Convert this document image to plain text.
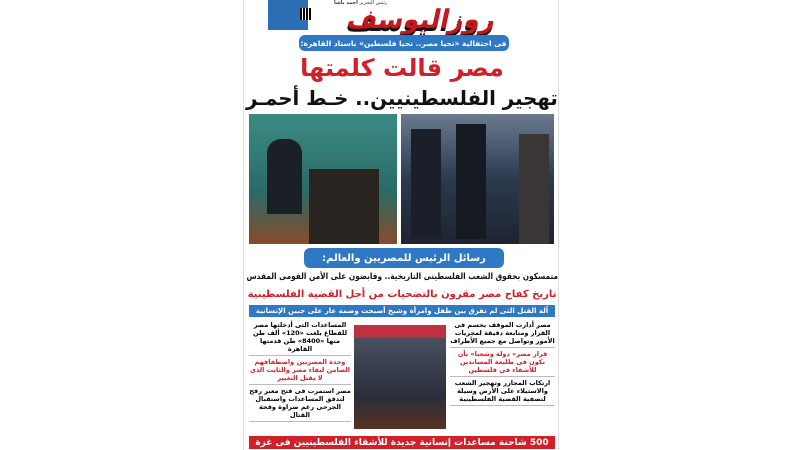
رئيس التحرير أحمد باشا
روزاليوسف
فى احتفالية «تحيا مصر.. تحيا فلسطين» باستاد القاهرة:
مصر قالت كلمتها
تهجير الفلسطينيين.. خـط أحمـر
رسائل الرئيس للمصريين والعالم:
متمسكون بحقوق الشعب الفلسطينى التاريخية.. وقابضون على الأمن القومى المقدس
تاريخ كفاح مصر مقرون بالتضحيات من أجل القضية الفلسطينية
آلة القتل التى لم تفرق بين طفل وامرأة وشيخ أصبحت وصمة عار على جبين الإنسانية
مصر أدارت الموقف بحسم فى القرار ومتابعة دقيقة لمجريات الأمور وتواصل مع جميع الأطراف
قرار مصر« دولة وشعبا» بأن نكون فى طليعة المساندين للأشقاء فى فلسطين
ارتكاب المجازر وتهجير الشعب والاستيلاء على الأرض وسيلة لتصفية القضية الفلسطينية
المساعدات التى أدخلتها مصر للقطاع بلغت «120» ألف طن منها «8400» طن قدمتها القاهرة
وحدة المصريين واصطفافهم الضامن لبقاء مصر والثابت الذى لا يقبل التغيير
مصر استمرت فى فتح معبر رفح لتدفق المساعدات واستقبال الجرحى رغم ضراوة وقحة القتال
500 شاحنة مساعدات إنسانية جديدة للأشقاء الفلسطينيين فى غزة
